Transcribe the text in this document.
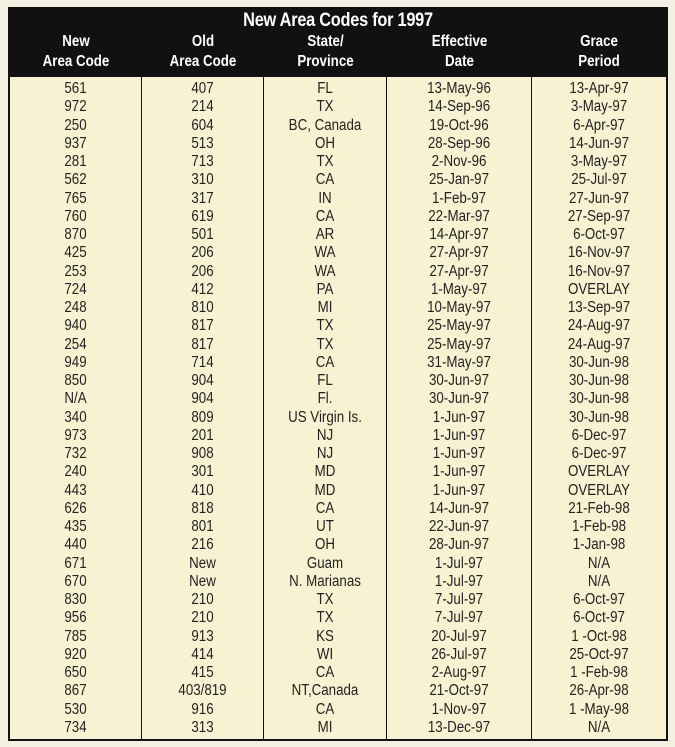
New Area Codes for 1997
New
Area Code
Old
Area Code
State/
Province
Effective
Date
Grace
Period
561
972
250
937
281
562
765
760
870
425
253
724
248
940
254
949
850
N/A
340
973
732
240
443
626
435
440
671
670
830
956
785
920
650
867
530
734
407
214
604
513
713
310
317
619
501
206
206
412
810
817
817
714
904
904
809
201
908
301
410
818
801
216
New
New
210
210
913
414
415
403/819
916
313
FL
TX
BC, Canada
OH
TX
CA
IN
CA
AR
WA
WA
PA
MI
TX
TX
CA
FL
Fl.
US Virgin Is.
NJ
NJ
MD
MD
CA
UT
OH
Guam
N. Marianas
TX
TX
KS
WI
CA
NT,Canada
CA
MI
13-May-96
14-Sep-96
19-Oct-96
28-Sep-96
2-Nov-96
25-Jan-97
1-Feb-97
22-Mar-97
14-Apr-97
27-Apr-97
27-Apr-97
1-May-97
10-May-97
25-May-97
25-May-97
31-May-97
30-Jun-97
30-Jun-97
1-Jun-97
1-Jun-97
1-Jun-97
1-Jun-97
1-Jun-97
14-Jun-97
22-Jun-97
28-Jun-97
1-Jul-97
1-Jul-97
7-Jul-97
7-Jul-97
20-Jul-97
26-Jul-97
2-Aug-97
21-Oct-97
1-Nov-97
13-Dec-97
13-Apr-97
3-May-97
6-Apr-97
14-Jun-97
3-May-97
25-Jul-97
27-Jun-97
27-Sep-97
6-Oct-97
16-Nov-97
16-Nov-97
OVERLAY
13-Sep-97
24-Aug-97
24-Aug-97
30-Jun-98
30-Jun-98
30-Jun-98
30-Jun-98
6-Dec-97
6-Dec-97
OVERLAY
OVERLAY
21-Feb-98
1-Feb-98
1-Jan-98
N/A
N/A
6-Oct-97
6-Oct-97
1 -Oct-98
25-Oct-97
1 -Feb-98
26-Apr-98
1 -May-98
N/A
